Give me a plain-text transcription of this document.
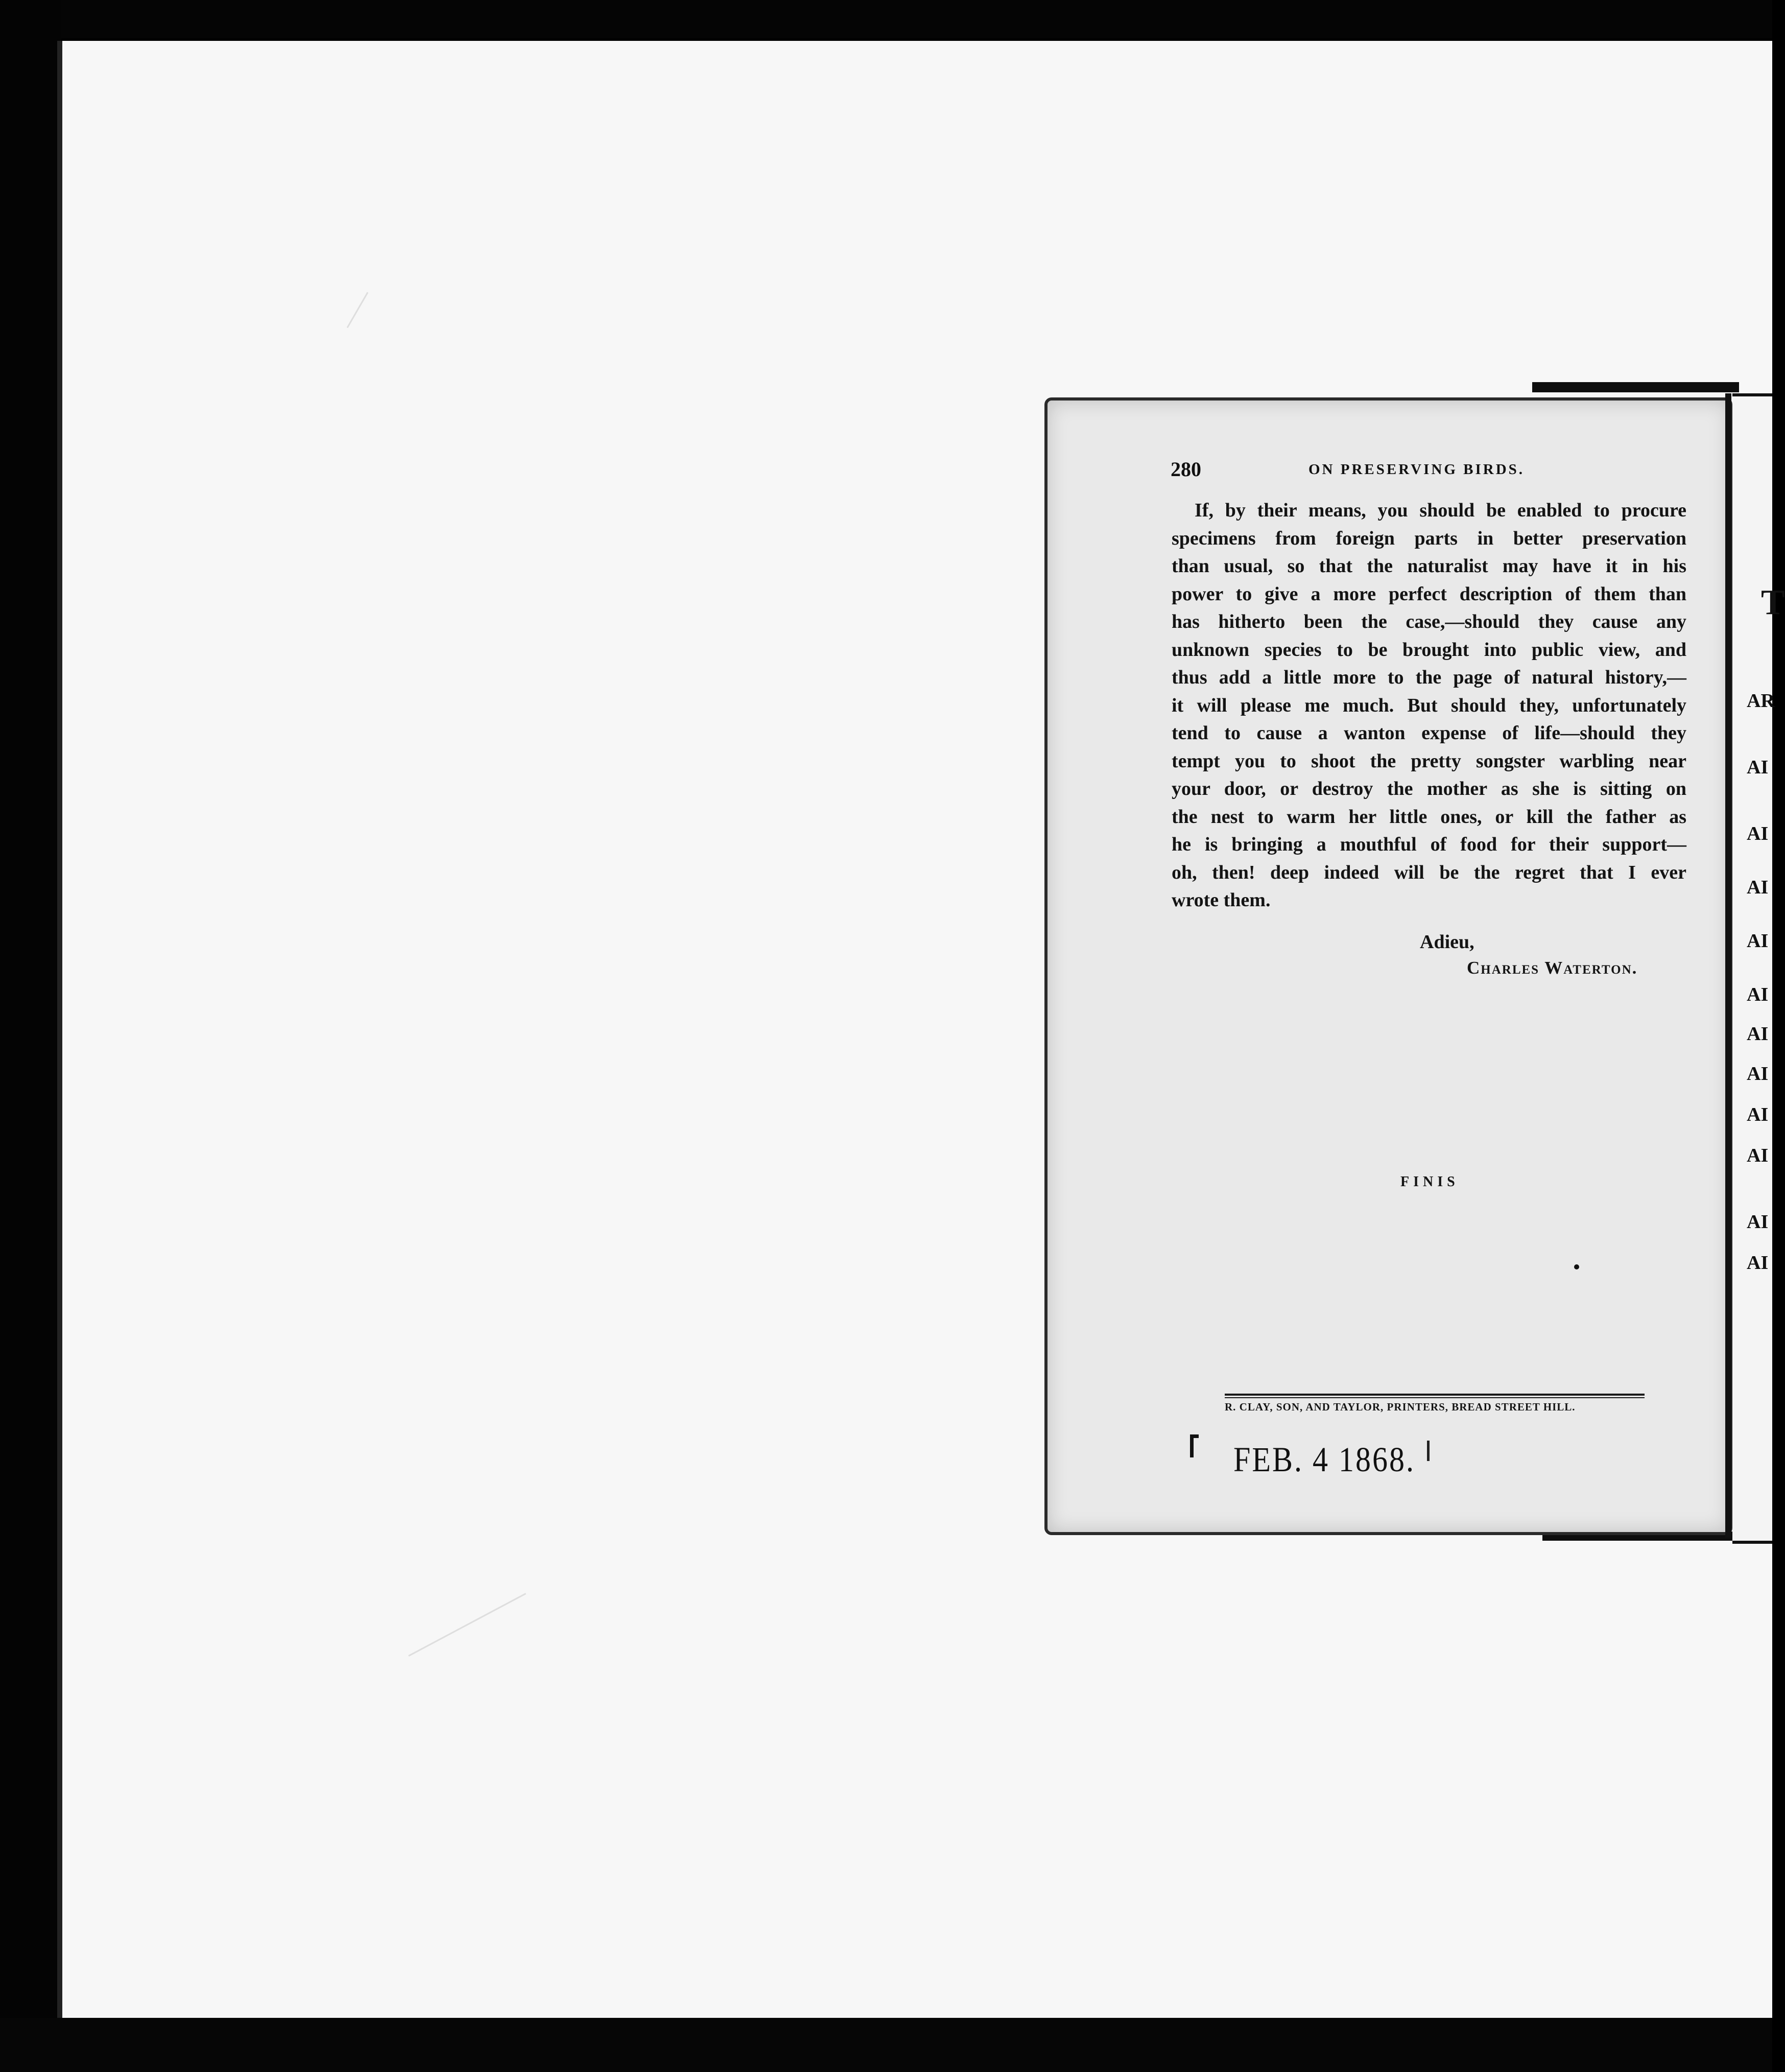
280	ON PRESERVING BIRDS.
If, by their means, you should be enabled to procure
specimens from foreign parts in better preservation
than usual, so that the naturalist may have it in his
power to give a more perfect description of them than
has hitherto been the case,—should they cause any
unknown species to be brought into public view, and
thus add a little more to the page of natural history,—
it will please me much. But should they, unfortunately
tend to cause a wanton expense of life—should they
tempt you to shoot the pretty songster warbling near
your door, or destroy the mother as she is sitting on
the nest to warm her little ones, or kill the father as
he is bringing a mouthful of food for their support—
oh, then! deep indeed will be the regret that I ever
wrote them.
Adieu,
Charles Waterton.
FINIS
R. CLAY, SON, AND TAYLOR, PRINTERS, BREAD STREET HILL.
FEB. 4 1868.
T
AR
AI
AI
AI
AI
AI
AI
AI
AI
AI
AI
AI
